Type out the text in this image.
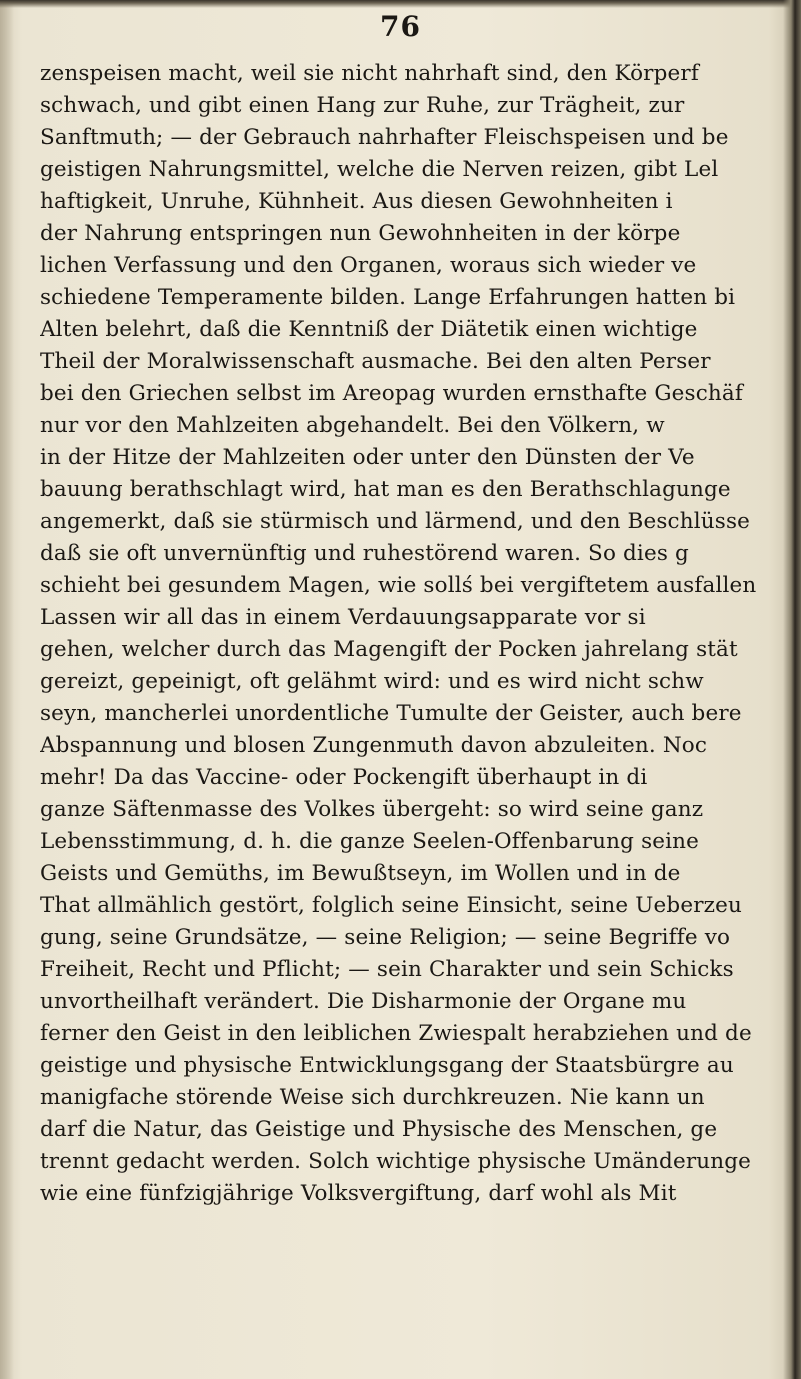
76
zenspeisen macht, weil sie nicht nahrhaft sind, den Körperf
schwach, und gibt einen Hang zur Ruhe, zur Trägheit, zur
Sanftmuth; — der Gebrauch nahrhafter Fleischspeisen und be
geistigen Nahrungsmittel, welche die Nerven reizen, gibt Lel
haftigkeit, Unruhe, Kühnheit. Aus diesen Gewohnheiten i
der Nahrung entspringen nun Gewohnheiten in der körpe
lichen Verfassung und den Organen, woraus sich wieder ve
schiedene Temperamente bilden. Lange Erfahrungen hatten bi
Alten belehrt, daß die Kenntniß der Diätetik einen wichtige
Theil der Moralwissenschaft ausmache. Bei den alten Perser
bei den Griechen selbst im Areopag wurden ernsthafte Geschäf
nur vor den Mahlzeiten abgehandelt. Bei den Völkern, w
in der Hitze der Mahlzeiten oder unter den Dünsten der Ve
bauung berathschlagt wird, hat man es den Berathschlagunge
angemerkt, daß sie stürmisch und lärmend, und den Beschlüsse
daß sie oft unvernünftig und ruhestörend waren. So dies g
schieht bei gesundem Magen, wie sollś bei vergiftetem ausfallen
Lassen wir all das in einem Verdauungsapparate vor si
gehen, welcher durch das Magengift der Pocken jahrelang stät
gereizt, gepeinigt, oft gelähmt wird: und es wird nicht schw
seyn, mancherlei unordentliche Tumulte der Geister, auch bere
Abspannung und blosen Zungenmuth davon abzuleiten. Noc
mehr! Da das Vaccine- oder Pockengift überhaupt in di
ganze Säftenmasse des Volkes übergeht: so wird seine ganz
Lebensstimmung, d. h. die ganze Seelen-Offenbarung seine
Geists und Gemüths, im Bewußtseyn, im Wollen und in de
That allmählich gestört, folglich seine Einsicht, seine Ueberzeu
gung, seine Grundsätze, — seine Religion; — seine Begriffe vo
Freiheit, Recht und Pflicht; — sein Charakter und sein Schicks
unvortheilhaft verändert. Die Disharmonie der Organe mu
ferner den Geist in den leiblichen Zwiespalt herabziehen und de
geistige und physische Entwicklungsgang der Staatsbürgre au
manigfache störende Weise sich durchkreuzen. Nie kann un
darf die Natur, das Geistige und Physische des Menschen, ge
trennt gedacht werden. Solch wichtige physische Umänderunge
wie eine fünfzigjährige Volksvergiftung, darf wohl als Mit
